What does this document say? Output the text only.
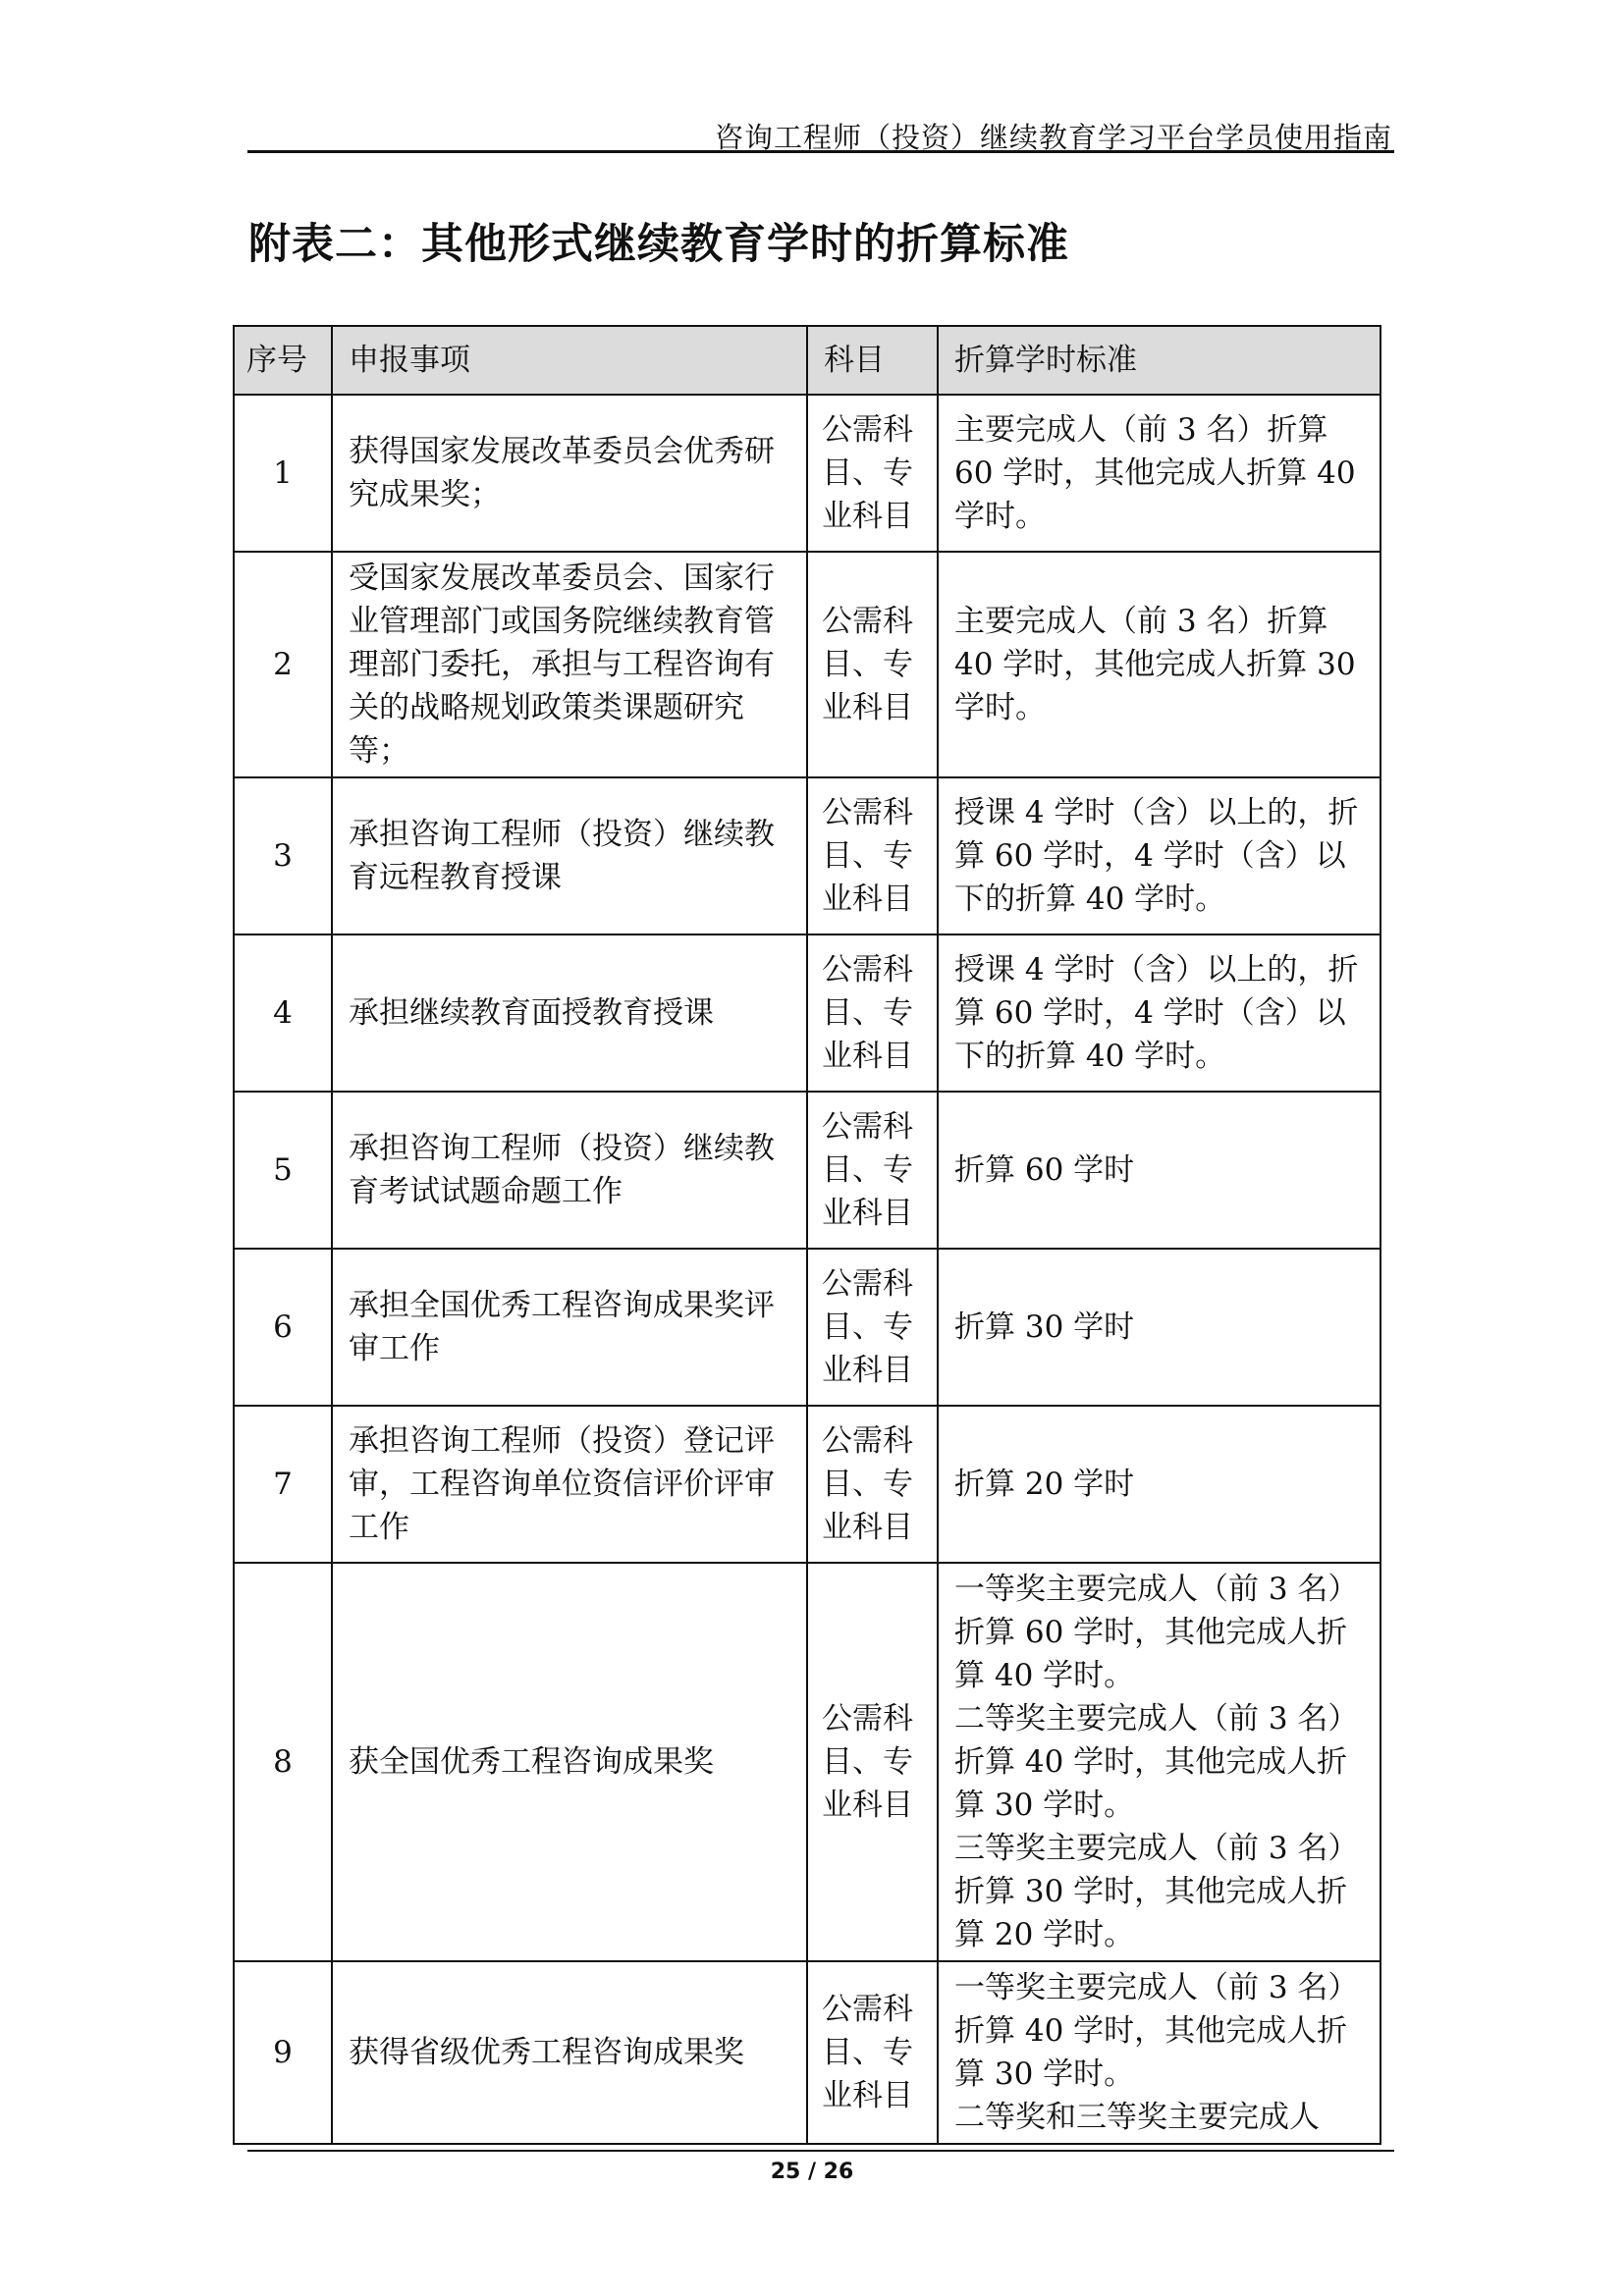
咨询工程师（投资）继续教育学习平台学员使用指南
附表二：其他形式继续教育学时的折算标准
序号	申报事项	科目	折算学时标准
1	获得国家发展改革委员会优秀研究成果奖；	公需科目、专业科目	主要完成人（前 3 名）折算 60 学时，其他完成人折算 40 学时。

2	受国家发展改革委员会、国家行业管理部门或国务院继续教育管理部门委托，承担与工程咨询有关的战略规划政策类课题研究等；	公需科目、专业科目	主要完成人（前 3 名）折算 40 学时，其他完成人折算 30 学时。

3	承担咨询工程师（投资）继续教育远程教育授课	公需科目、专业科目	授课 4 学时（含）以上的，折算 60 学时，4 学时（含）以下的折算 40 学时。

4	承担继续教育面授教育授课	公需科目、专业科目	授课 4 学时（含）以上的，折算 60 学时，4 学时（含）以下的折算 40 学时。

5	承担咨询工程师（投资）继续教育考试试题命题工作	公需科目、专业科目	折算 60 学时

6	承担全国优秀工程咨询成果奖评审工作	公需科目、专业科目	折算 30 学时

7	承担咨询工程师（投资）登记评审，工程咨询单位资信评价评审工作	公需科目、专业科目	折算 20 学时

8	获全国优秀工程咨询成果奖	公需科目、专业科目	一等奖主要完成人（前 3 名）折算 60 学时，其他完成人折算 40 学时。
二等奖主要完成人（前 3 名）折算 40 学时，其他完成人折算 30 学时。
三等奖主要完成人（前 3 名）折算 30 学时，其他完成人折算 20 学时。

9	获得省级优秀工程咨询成果奖	公需科目、专业科目	一等奖主要完成人（前 3 名）折算 40 学时，其他完成人折算 30 学时。
二等奖和三等奖主要完成人
25 / 26
